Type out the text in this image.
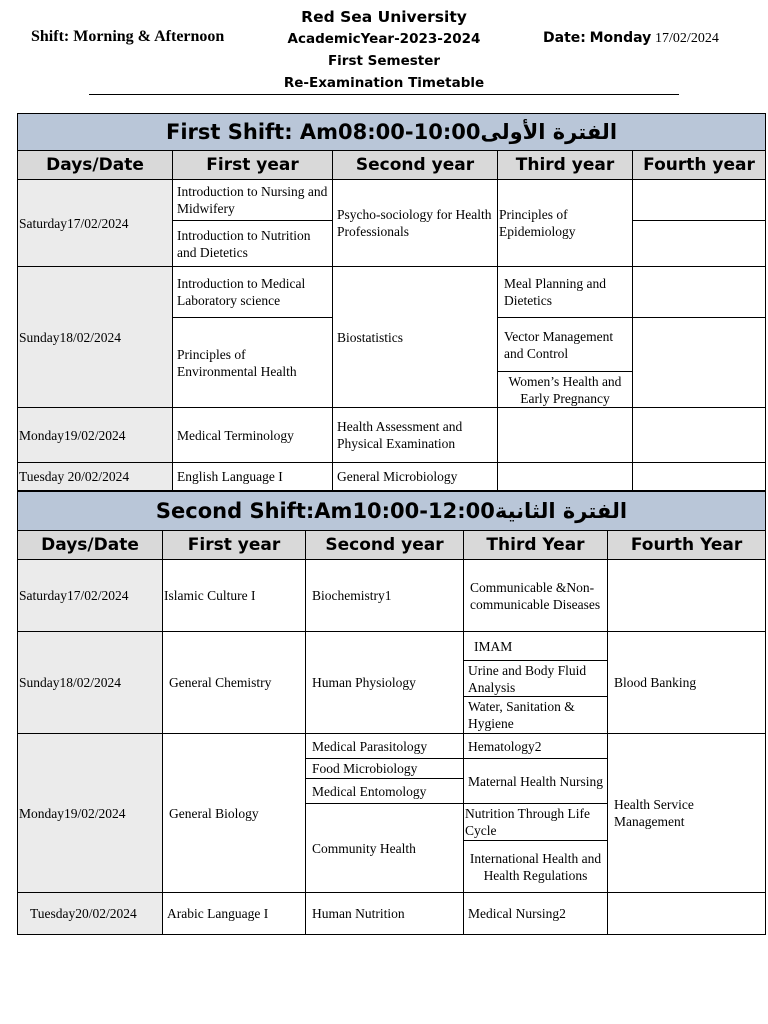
Red Sea University
AcademicYear-2023-2024
First Semester
Re-Examination Timetable
Shift: Morning & Afternoon	Date: Monday 17/02/2024
First Shift: Am08:00-10:00الفترة الأولى				
Days/Date	First year	Second year	Third year	Fourth year
Saturday17/02/2024	Introduction to Nursing and Midwifery	Psycho-sociology for Health Professionals	Principles of Epidemiology	
	Introduction to Nutrition and Dietetics			
Sunday18/02/2024	Introduction to Medical Laboratory science	Biostatistics	Meal Planning and Dietetics	
	Principles of Environmental Health		Vector Management and Control	
			Women’s Health and Early Pregnancy	
Monday19/02/2024	Medical Terminology	Health Assessment and Physical Examination		
Tuesday 20/02/2024	English Language I	General Microbiology		
Second Shift:Am10:00-12:00الفترة الثانية				
Days/Date	First year	Second year	Third Year	Fourth Year
Saturday17/02/2024	Islamic Culture I	Biochemistry1	Communicable &Non-communicable Diseases	
Sunday18/02/2024	General Chemistry	Human Physiology	IMAM	Blood Banking
			Urine and Body Fluid Analysis	
			Water, Sanitation & Hygiene	
Monday19/02/2024	General Biology	Medical Parasitology	Hematology2	Health Service Management
		Food Microbiology	Maternal Health Nursing	
		Medical Entomology		
		Community Health	Nutrition Through Life Cycle	
			International Health and Health Regulations	
Tuesday20/02/2024	Arabic Language I	Human Nutrition	Medical Nursing2	
